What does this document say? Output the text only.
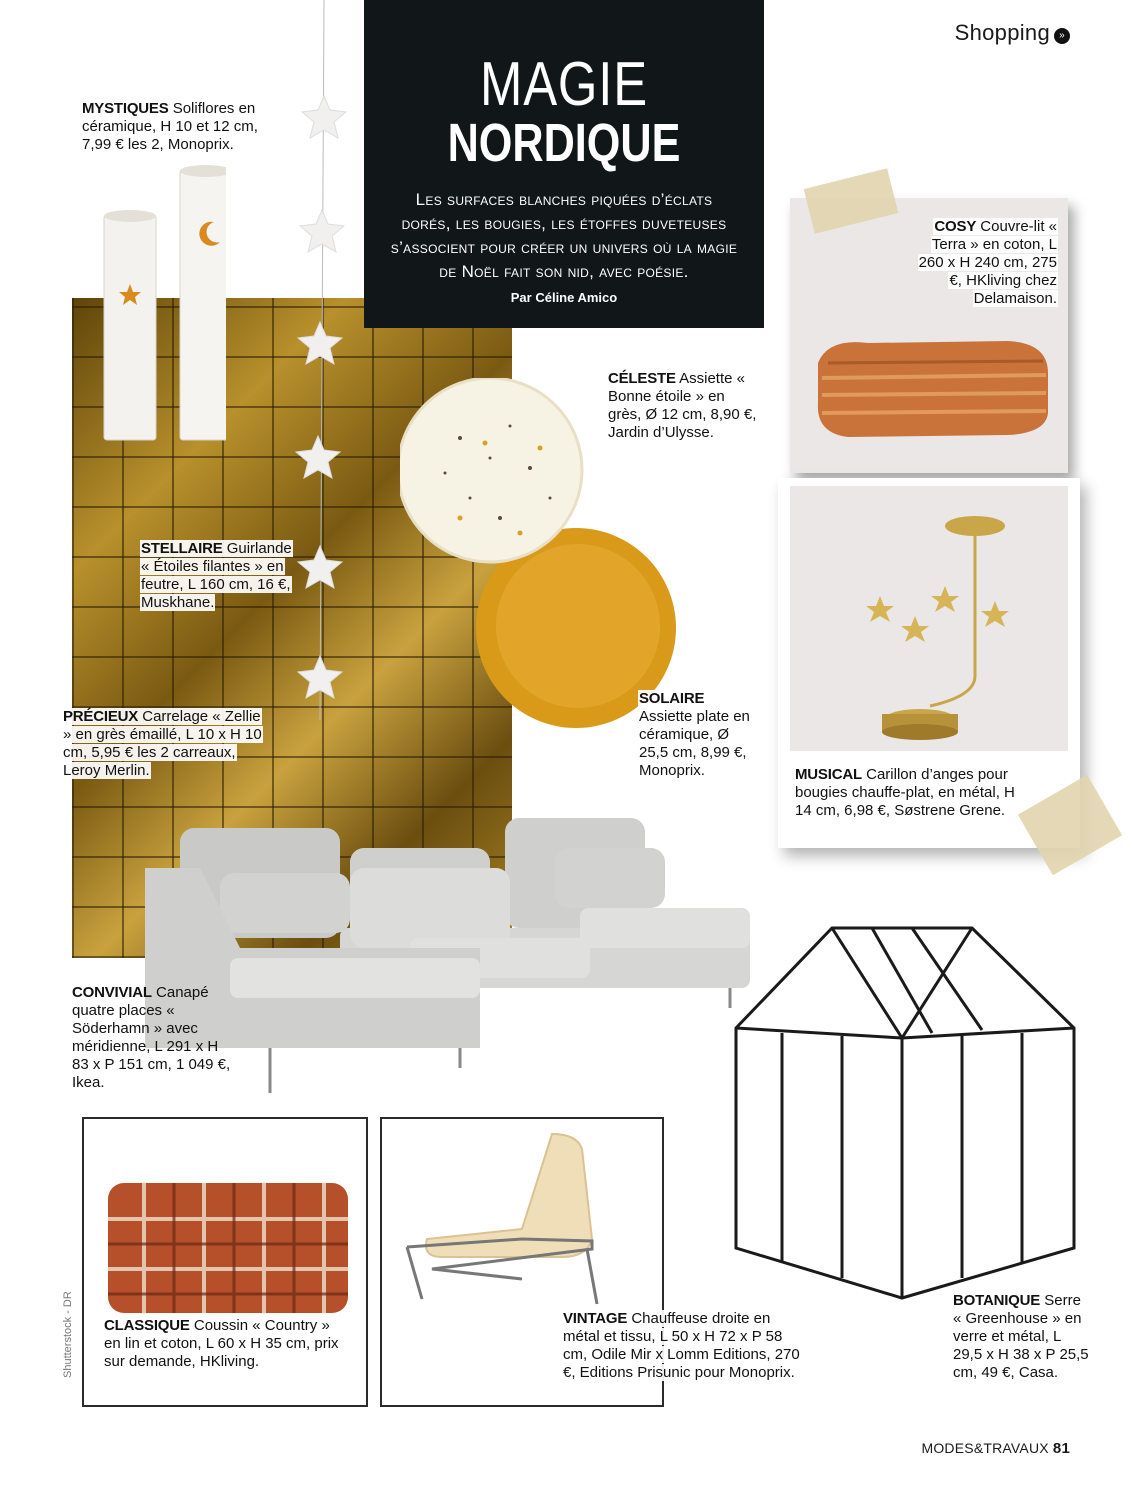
Shopping »
MAGIE
NORDIQUE
Les surfaces blanches piquées d’éclats dorés, les bougies, les étoffes duveteuses s’associent pour créer un univers où la magie de Noël fait son nid, avec poésie.
Par Céline Amico
MYSTIQUES Soliflores en céramique, H 10 et 12 cm, 7,99 € les 2, Monoprix.
CÉLESTE Assiette « Bonne étoile » en grès, Ø 12 cm, 8,90 €, Jardin d’Ulysse.
COSY Couvre-lit « Terra » en coton, L 260 x H 240 cm, 275 €, HKliving chez Delamaison.
MUSICAL Carillon d’anges pour bougies chauffe-plat, en métal, H 14 cm, 6,98 €, Søstrene Grene.
STELLAIRE Guirlande « Étoiles filantes » en feutre, L 160 cm, 16 €, Muskhane.
PRÉCIEUX Carrelage « Zellie » en grès émaillé, L 10 x H 10 cm, 5,95 € les 2 carreaux, Leroy Merlin.
SOLAIRE Assiette plate en céramique, Ø 25,5 cm, 8,99 €, Monoprix.
CONVIVIAL Canapé quatre places « Söderhamn » avec méridienne, L 291 x H 83 x P 151 cm, 1 049 €, Ikea.
BOTANIQUE Serre « Greenhouse » en verre et métal, L 29,5 x H 38 x P 25,5 cm, 49 €, Casa.
CLASSIQUE Coussin « Country » en lin et coton, L 60 x H 35 cm, prix sur demande, HKliving.
VINTAGE Chauffeuse droite en métal et tissu, L 50 x H 72 x P 58 cm, Odile Mir x Lomm Editions, 270 €, Editions Prisunic pour Monoprix.
Shutterstock - DR
MODES&TRAVAUX 81
